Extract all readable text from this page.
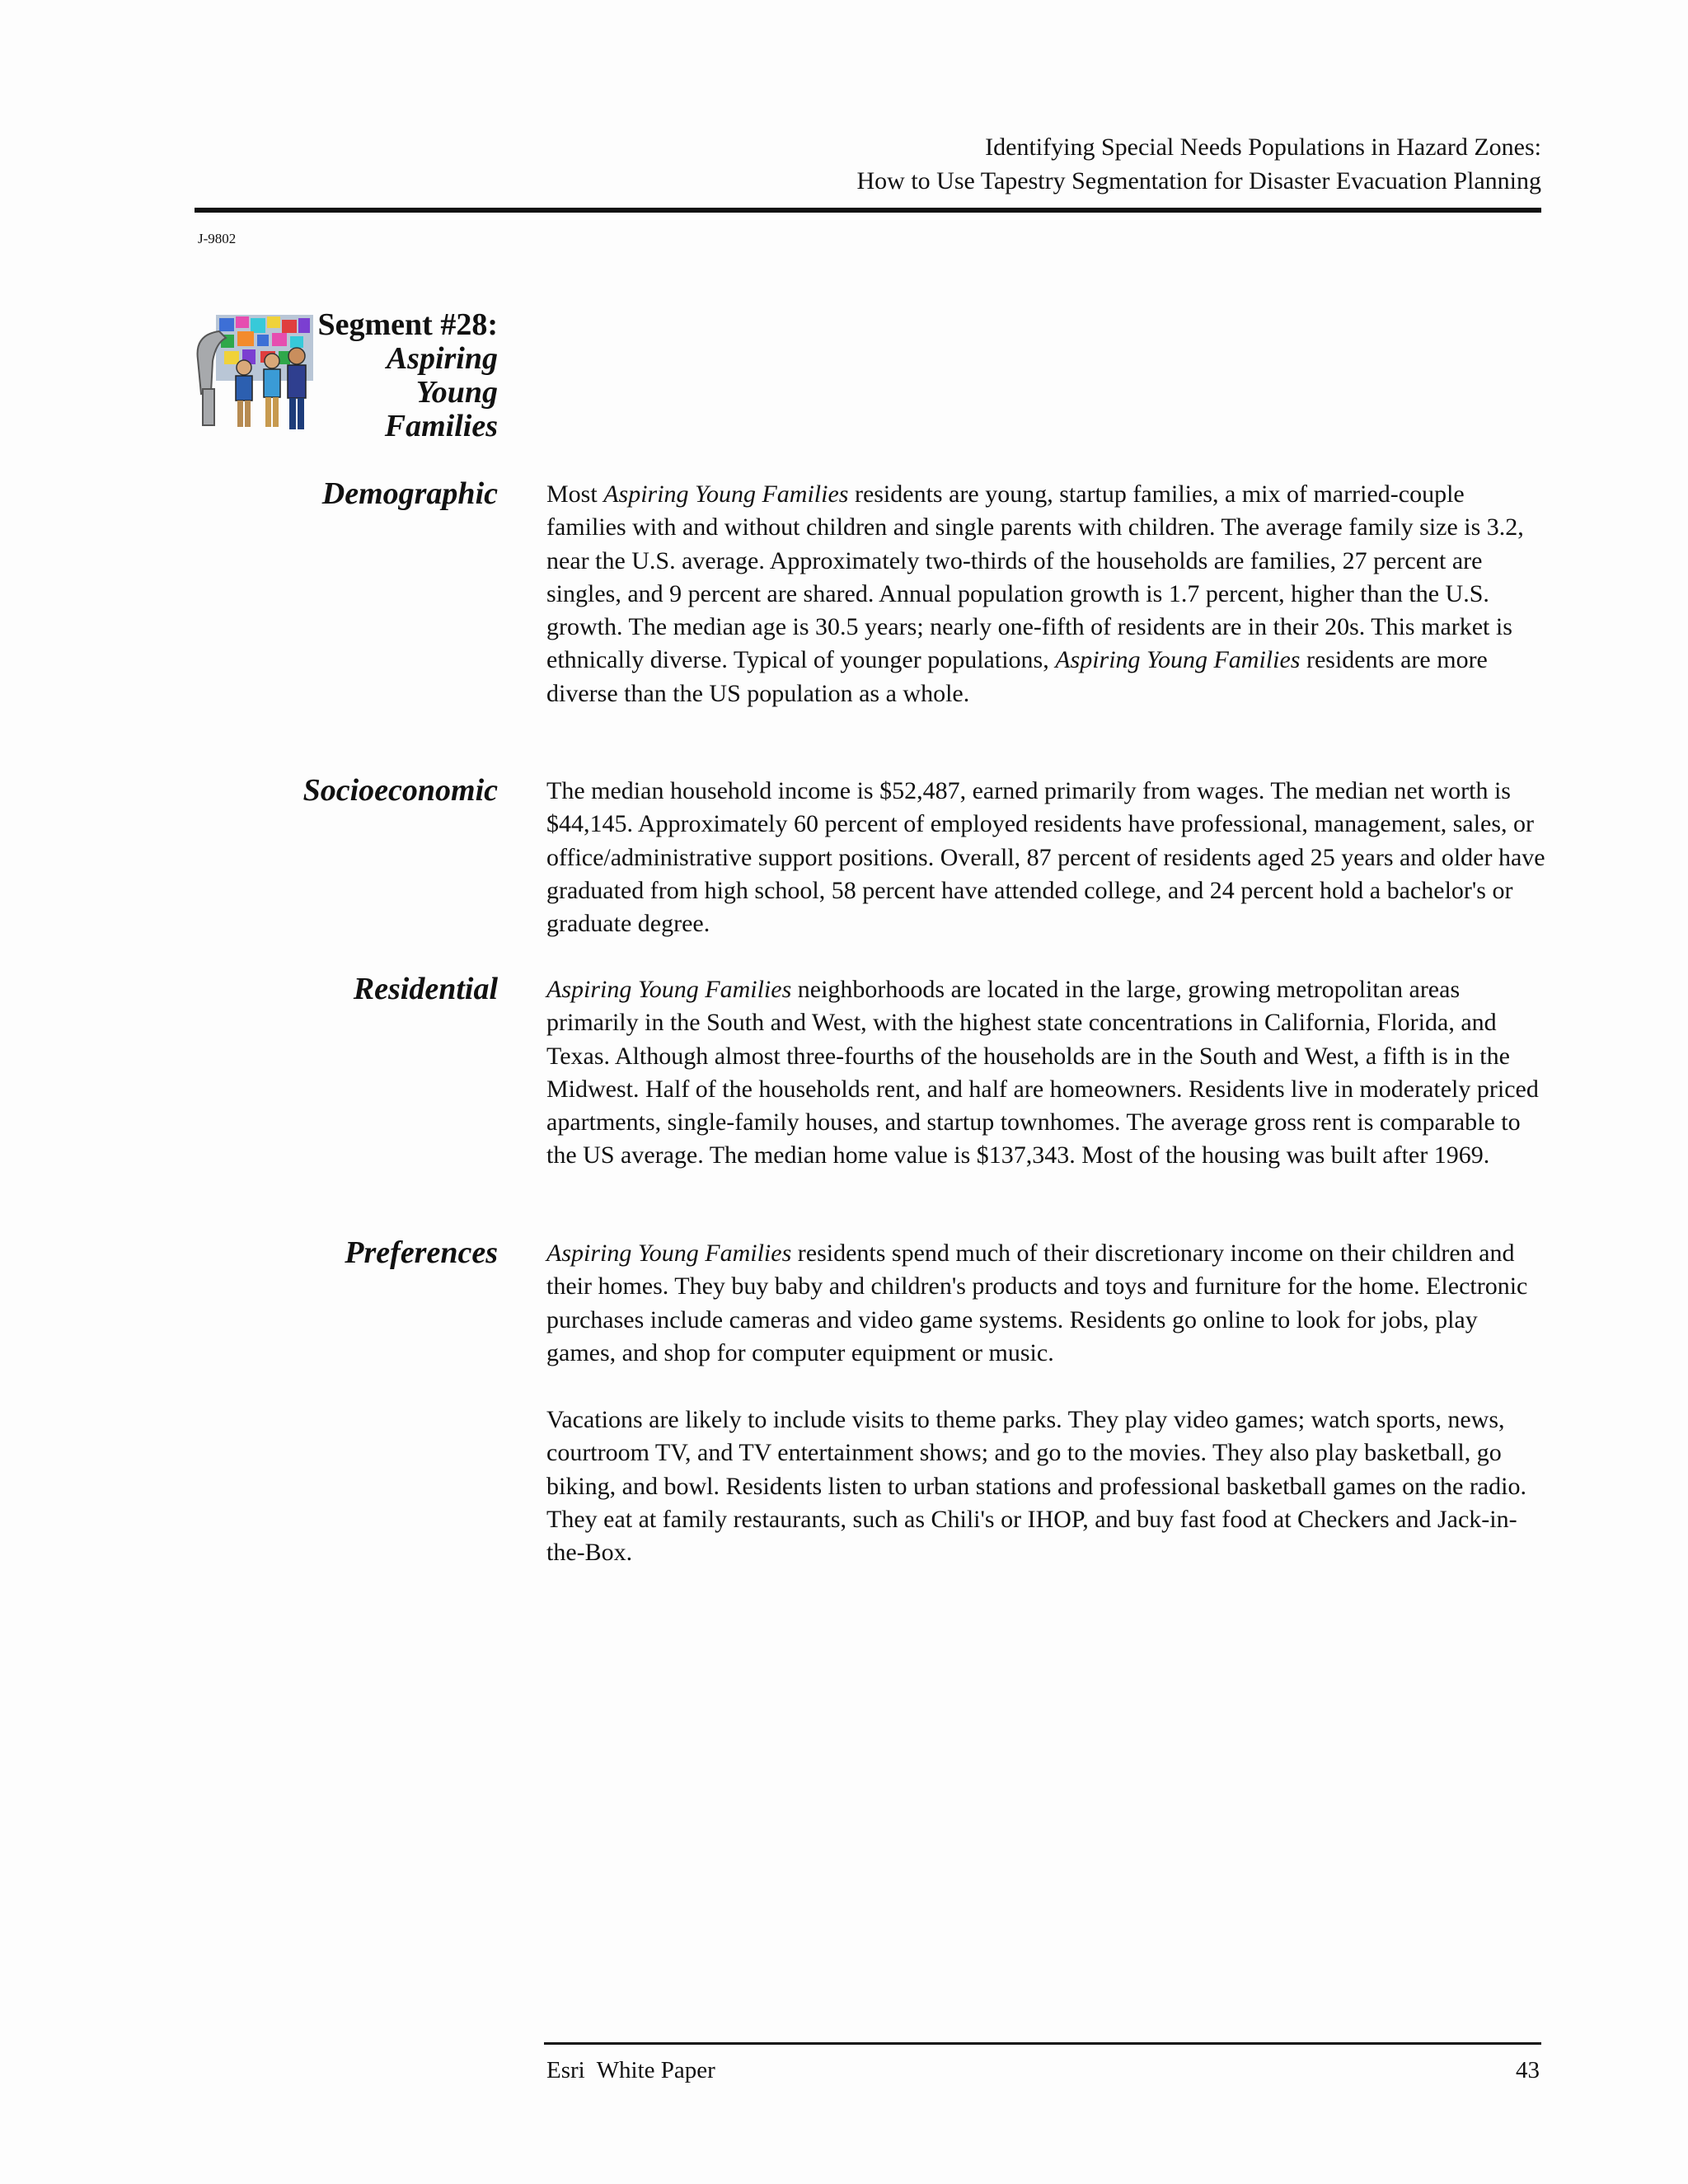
Identifying Special Needs Populations in Hazard Zones:
How to Use Tapestry Segmentation for Disaster Evacuation Planning
J-9802
Segment #28:
Aspiring
Young
Families
Demographic Most Aspiring Young Families residents are young, startup families, a mix of married-couple families with and without children and single parents with children. The average family size is 3.2, near the U.S. average. Approximately two-thirds of the households are families, 27 percent are singles, and 9 percent are shared. Annual population growth is 1.7 percent, higher than the U.S. growth. The median age is 30.5 years; nearly one-fifth of residents are in their 20s. This market is ethnically diverse. Typical of younger populations, Aspiring Young Families residents are more diverse than the US population as a whole.

Socioeconomic The median household income is $52,487, earned primarily from wages. The median net worth is $44,145. Approximately 60 percent of employed residents have professional, management, sales, or office/administrative support positions. Overall, 87 percent of residents aged 25 years and older have graduated from high school, 58 percent have attended college, and 24 percent hold a bachelor's or graduate degree.

Residential Aspiring Young Families neighborhoods are located in the large, growing metropolitan areas primarily in the South and West, with the highest state concentrations in California, Florida, and Texas. Although almost three-fourths of the households are in the South and West, a fifth is in the Midwest. Half of the households rent, and half are homeowners. Residents live in moderately priced apartments, single-family houses, and startup townhomes. The average gross rent is comparable to the US average. The median home value is $137,343. Most of the housing was built after 1969.

Preferences Aspiring Young Families residents spend much of their discretionary income on their children and their homes. They buy baby and children's products and toys and furniture for the home. Electronic purchases include cameras and video game systems. Residents go online to look for jobs, play games, and shop for computer equipment or music.

Vacations are likely to include visits to theme parks. They play video games; watch sports, news, courtroom TV, and TV entertainment shows; and go to the movies. They also play basketball, go biking, and bowl. Residents listen to urban stations and professional basketball games on the radio. They eat at family restaurants, such as Chili's or IHOP, and buy fast food at Checkers and Jack-in-the-Box.

Esri  White Paper	43
